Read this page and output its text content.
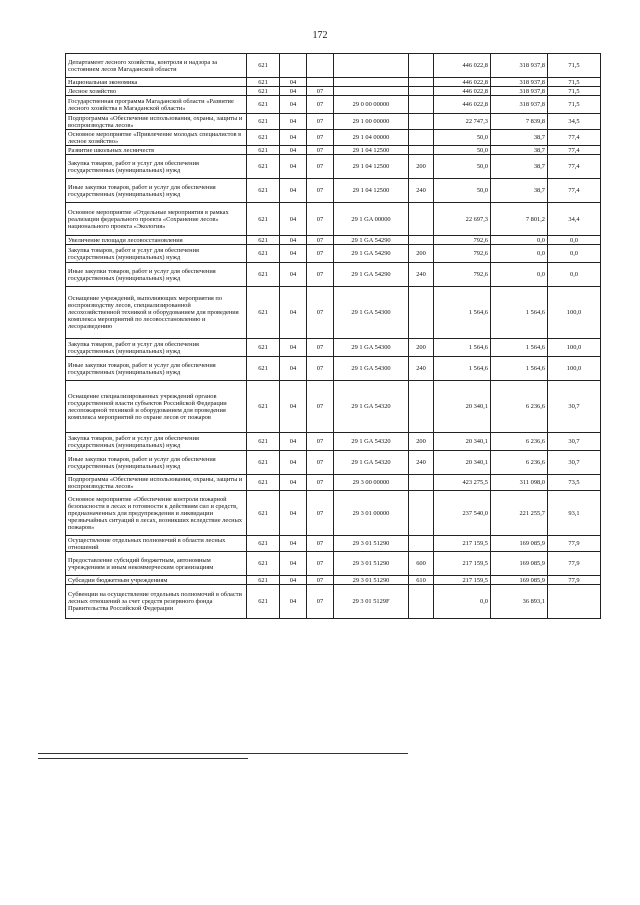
172
Департамент лесного хозяйства, контроля и надзора за состоянием лесов Магаданской области	621					446 022,8	318 937,8	71,5
Национальная экономика	621	04				446 022,8	318 937,8	71,5
Лесное хозяйство	621	04	07			446 022,8	318 937,8	71,5
Государственная программа Магаданской области «Развитие лесного хозяйства в Магаданской области»	621	04	07	29 0 00 00000		446 022,8	318 937,8	71,5
Подпрограмма «Обеспечение использования, охраны, защиты и воспроизводства лесов»	621	04	07	29 1 00 00000		22 747,3	7 839,8	34,5
Основное мероприятие «Привлечение молодых специалистов в лесное хозяйство»	621	04	07	29 1 04 00000		50,0	38,7	77,4
Развитие школьных лесничеств	621	04	07	29 1 04 12500		50,0	38,7	77,4
Закупка товаров, работ и услуг для обеспечения государственных (муниципальных) нужд	621	04	07	29 1 04 12500	200	50,0	38,7	77,4
Иные закупки товаров, работ и услуг для обеспечения государственных (муниципальных) нужд	621	04	07	29 1 04 12500	240	50,0	38,7	77,4
Основное мероприятие «Отдельные мероприятия в рамках реализации федерального проекта «Сохранение лесов» национального проекта «Экология»	621	04	07	29 1 GA 00000		22 697,3	7 801,2	34,4
Увеличение площади лесовосстановления	621	04	07	29 1 GA 54290		792,6	0,0	0,0
Закупка товаров, работ и услуг для обеспечения государственных (муниципальных) нужд	621	04	07	29 1 GA 54290	200	792,6	0,0	0,0
Иные закупки товаров, работ и услуг для обеспечения государственных (муниципальных) нужд	621	04	07	29 1 GA 54290	240	792,6	0,0	0,0
Оснащение учреждений, выполняющих мероприятия по воспроизводству лесов, специализированной лесохозяйственной техникой и оборудованием для проведения комплекса мероприятий по лесовосстановлению и лесоразведению	621	04	07	29 1 GA 54300		1 564,6	1 564,6	100,0
Закупка товаров, работ и услуг для обеспечения государственных (муниципальных) нужд	621	04	07	29 1 GA 54300	200	1 564,6	1 564,6	100,0
Иные закупки товаров, работ и услуг для обеспечения государственных (муниципальных) нужд	621	04	07	29 1 GA 54300	240	1 564,6	1 564,6	100,0
Оснащение специализированных учреждений органов государственной власти субъектов Российской Федерации лесопожарной техникой и оборудованием для проведения комплекса мероприятий по охране лесов от пожаров	621	04	07	29 1 GA 54320		20 340,1	6 236,6	30,7
Закупка товаров, работ и услуг для обеспечения государственных (муниципальных) нужд	621	04	07	29 1 GA 54320	200	20 340,1	6 236,6	30,7
Иные закупки товаров, работ и услуг для обеспечения государственных (муниципальных) нужд	621	04	07	29 1 GA 54320	240	20 340,1	6 236,6	30,7
Подпрограмма «Обеспечение использования, охраны, защиты и воспроизводства лесов»	621	04	07	29 3 00 00000		423 275,5	311 098,0	73,5
Основное мероприятие «Обеспечение контроля пожарной безопасности в лесах и готовности к действиям сил и средств, предназначенных для предупреждения и ликвидации чрезвычайных ситуаций в лесах, возникших вследствие лесных пожаров»	621	04	07	29 3 01 00000		237 540,0	221 255,7	93,1
Осуществление отдельных полномочий в области лесных отношений	621	04	07	29 3 01 51290		217 159,5	169 085,9	77,9
Предоставление субсидий бюджетным, автономным учреждениям и иным некоммерческим организациям	621	04	07	29 3 01 51290	600	217 159,5	169 085,9	77,9
Субсидии бюджетным учреждениям	621	04	07	29 3 01 51290	610	217 159,5	169 085,9	77,9
Субвенции на осуществление отдельных полномочий в области лесных отношений за счет средств резервного фонда Правительства Российской Федерации	621	04	07	29 3 01 5129F		0,0	36 893,1	
